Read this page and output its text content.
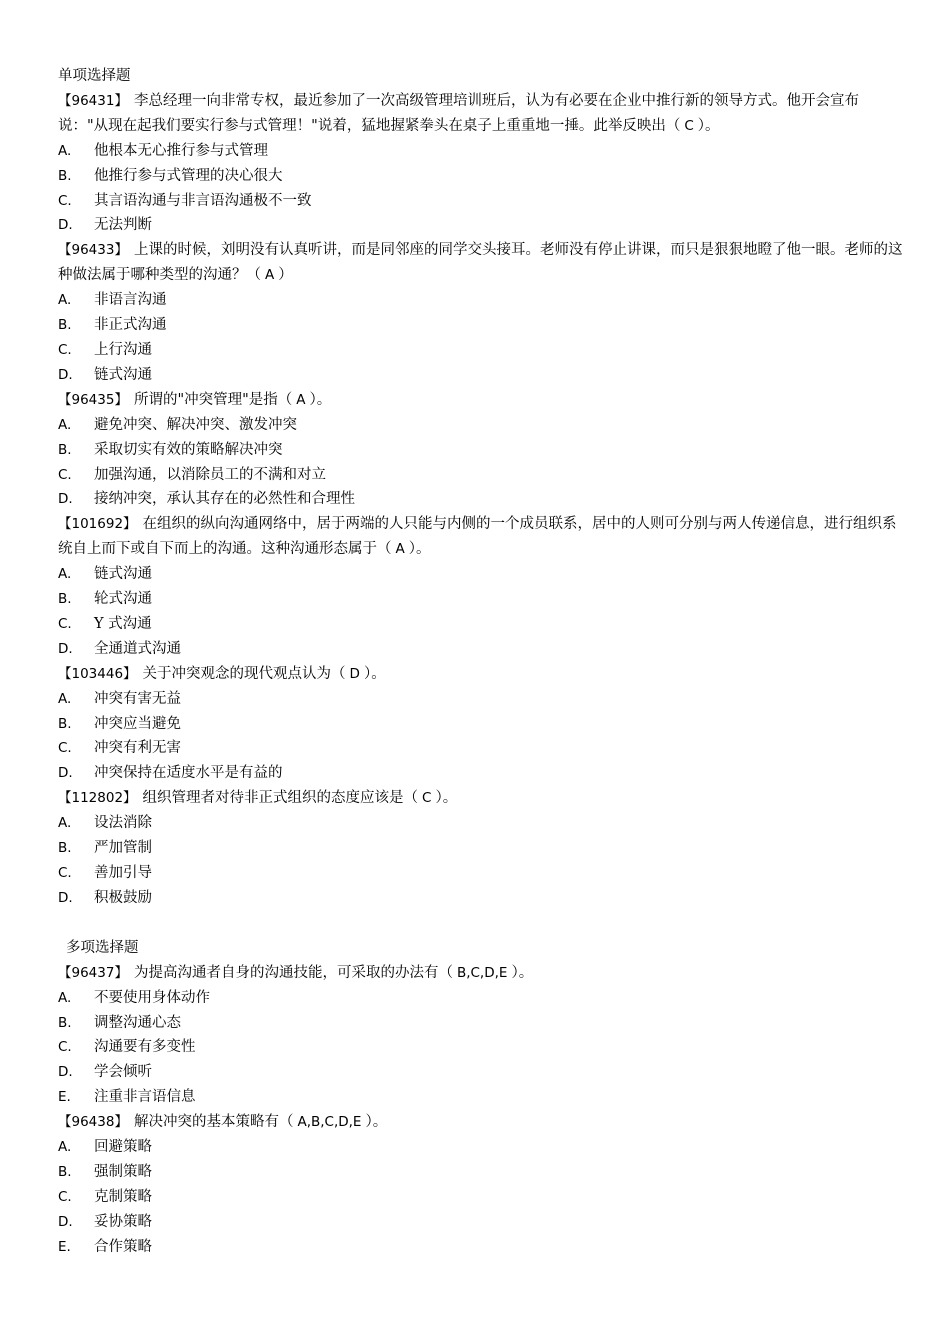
单项选择题
【96431】 李总经理一向非常专权，最近参加了一次高级管理培训班后，认为有必要在企业中推行新的领导方式。他开会宣布说："从现在起我们要实行参与式管理！"说着，猛地握紧拳头在桌子上重重地一捶。此举反映出（ C ）。
A. 他根本无心推行参与式管理
B. 他推行参与式管理的决心很大
C. 其言语沟通与非言语沟通极不一致
D. 无法判断
【96433】 上课的时候，刘明没有认真听讲，而是同邻座的同学交头接耳。老师没有停止讲课，而只是狠狠地瞪了他一眼。老师的这种做法属于哪种类型的沟通？（ A ）
A. 非语言沟通
B. 非正式沟通
C. 上行沟通
D. 链式沟通
【96435】 所谓的"冲突管理"是指（ A ）。
A. 避免冲突、解决冲突、激发冲突
B. 采取切实有效的策略解决冲突
C. 加强沟通，以消除员工的不满和对立
D. 接纳冲突，承认其存在的必然性和合理性
【101692】 在组织的纵向沟通网络中，居于两端的人只能与内侧的一个成员联系，居中的人则可分别与两人传递信息，进行组织系统自上而下或自下而上的沟通。这种沟通形态属于（ A ）。
A. 链式沟通
B. 轮式沟通
C. Y 式沟通
D. 全通道式沟通
【103446】 关于冲突观念的现代观点认为（ D ）。
A. 冲突有害无益
B. 冲突应当避免
C. 冲突有利无害
D. 冲突保持在适度水平是有益的
【112802】 组织管理者对待非正式组织的态度应该是（ C ）。
A. 设法消除
B. 严加管制
C. 善加引导
D. 积极鼓励
多项选择题
【96437】 为提高沟通者自身的沟通技能，可采取的办法有（ B,C,D,E ）。
A. 不要使用身体动作
B. 调整沟通心态
C. 沟通要有多变性
D. 学会倾听
E. 注重非言语信息
【96438】 解决冲突的基本策略有（ A,B,C,D,E ）。
A. 回避策略
B. 强制策略
C. 克制策略
D. 妥协策略
E. 合作策略
